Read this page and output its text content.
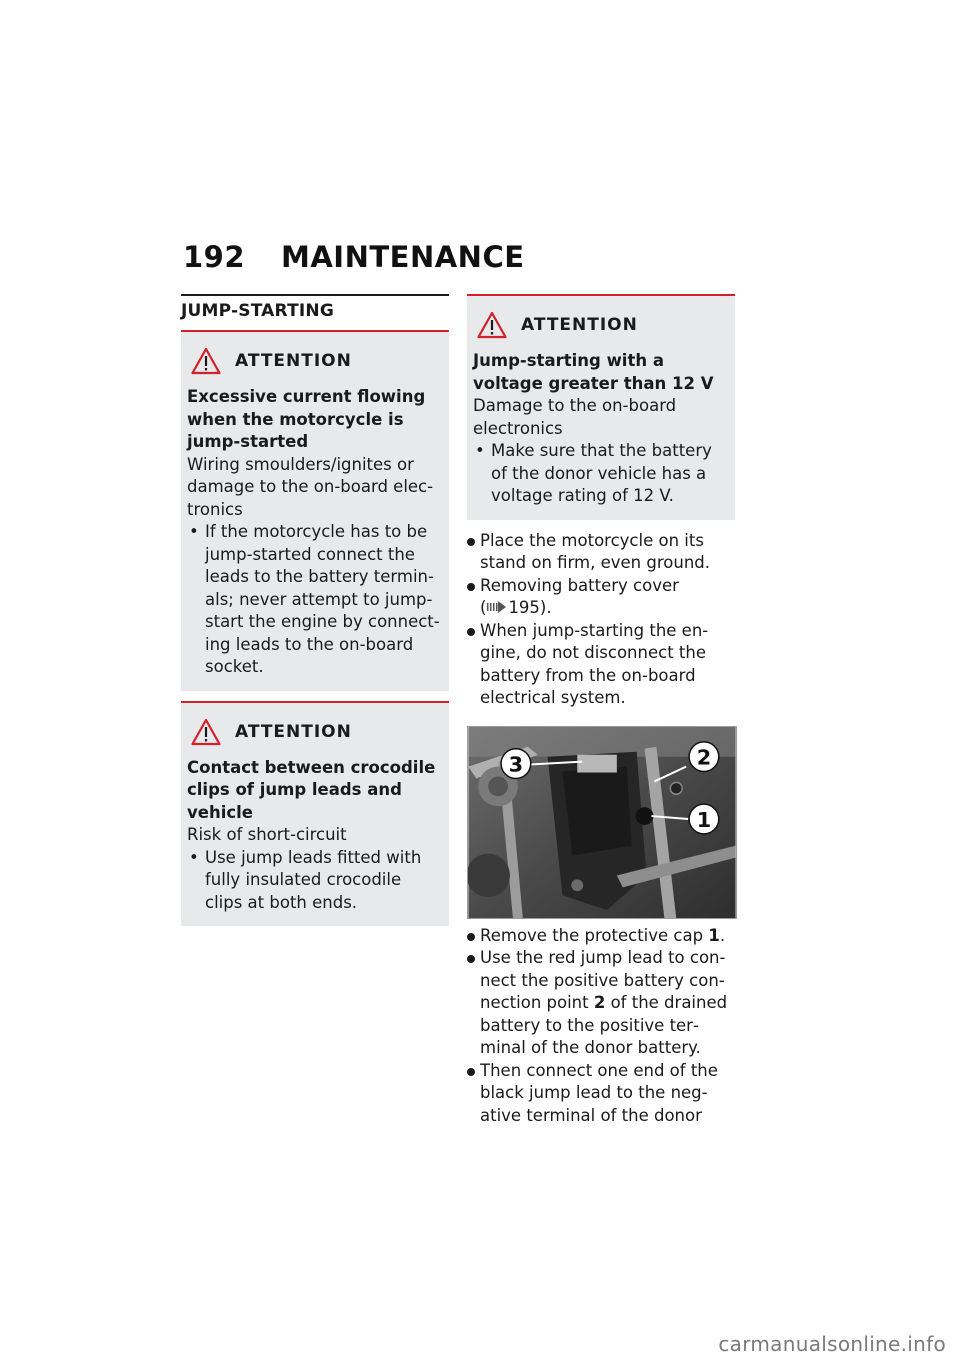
192 MAINTENANCE
JUMP-STARTING
ATTENTION
Excessive current flowing when the motorcycle is jump-started
Wiring smoulders/ignites or damage to the on-board electronics
• If the motorcycle has to be jump-started connect the leads to the battery terminals; never attempt to jump-start the engine by connecting leads to the on-board socket.
ATTENTION
Contact between crocodile clips of jump leads and vehicle
Risk of short-circuit
• Use jump leads fitted with fully insulated crocodile clips at both ends.
ATTENTION
Jump-starting with a voltage greater than 12 V
Damage to the on-board electronics
• Make sure that the battery of the donor vehicle has a voltage rating of 12 V.
Place the motorcycle on its stand on firm, even ground.
Removing battery cover
( 195).
When jump-starting the engine, do not disconnect the battery from the on-board electrical system.
3	2
1
Remove the protective cap 1.
Use the red jump lead to connect the positive battery connection point 2 of the drained battery to the positive terminal of the donor battery.
Then connect one end of the black jump lead to the negative terminal of the donor
carmanualsonline.info
